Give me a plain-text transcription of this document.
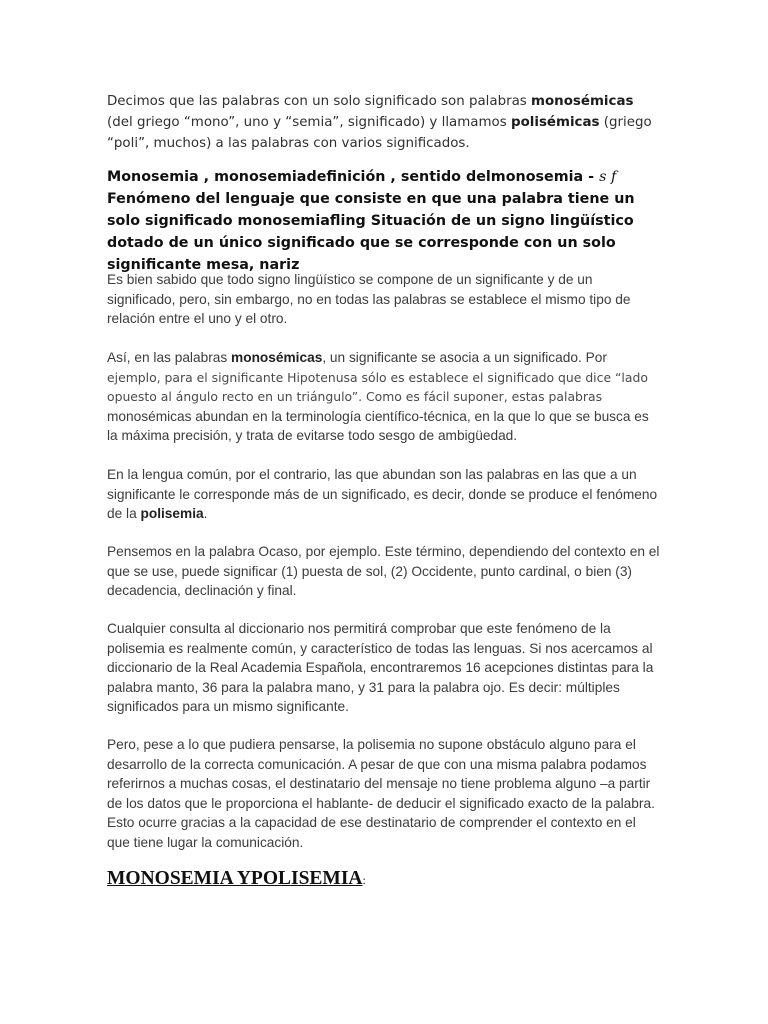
Decimos que las palabras con un solo significado son palabras monosémicas (del griego “mono”, uno y “semia”, significado) y llamamos polisémicas (griego “poli”, muchos) a las palabras con varios significados.

Monosemia , monosemiadefinición , sentido delmonosemia - s f Fenómeno del lenguaje que consiste en que una palabra tiene un solo significado monosemiaﬂing Situación de un signo lingüístico dotado de un único significado que se corresponde con un solo significante mesa, nariz

Es bien sabido que todo signo lingüístico se compone de un significante y de un significado, pero, sin embargo, no en todas las palabras se establece el mismo tipo de relación entre el uno y el otro.

Así, en las palabras monosémicas, un significante se asocia a un significado. Por ejemplo, para el significante Hipotenusa sólo es establece el significado que dice “lado opuesto al ángulo recto en un triángulo”. Como es fácil suponer, estas palabras monosémicas abundan en la terminología científico-técnica, en la que lo que se busca es la máxima precisión, y trata de evitarse todo sesgo de ambigüedad.

En la lengua común, por el contrario, las que abundan son las palabras en las que a un significante le corresponde más de un significado, es decir, donde se produce el fenómeno de la polisemia.

Pensemos en la palabra Ocaso, por ejemplo. Este término, dependiendo del contexto en el que se use, puede significar (1) puesta de sol, (2) Occidente, punto cardinal, o bien (3) decadencia, declinación y final.

Cualquier consulta al diccionario nos permitirá comprobar que este fenómeno de la polisemia es realmente común, y característico de todas las lenguas. Si nos acercamos al diccionario de la Real Academia Española, encontraremos 16 acepciones distintas para la palabra manto, 36 para la palabra mano, y 31 para la palabra ojo. Es decir: múltiples significados para un mismo significante.

Pero, pese a lo que pudiera pensarse, la polisemia no supone obstáculo alguno para el desarrollo de la correcta comunicación. A pesar de que con una misma palabra podamos referirnos a muchas cosas, el destinatario del mensaje no tiene problema alguno –a partir de los datos que le proporciona el hablante- de deducir el significado exacto de la palabra. Esto ocurre gracias a la capacidad de ese destinatario de comprender el contexto en el que tiene lugar la comunicación.

MONOSEMIA YPOLISEMIA:
